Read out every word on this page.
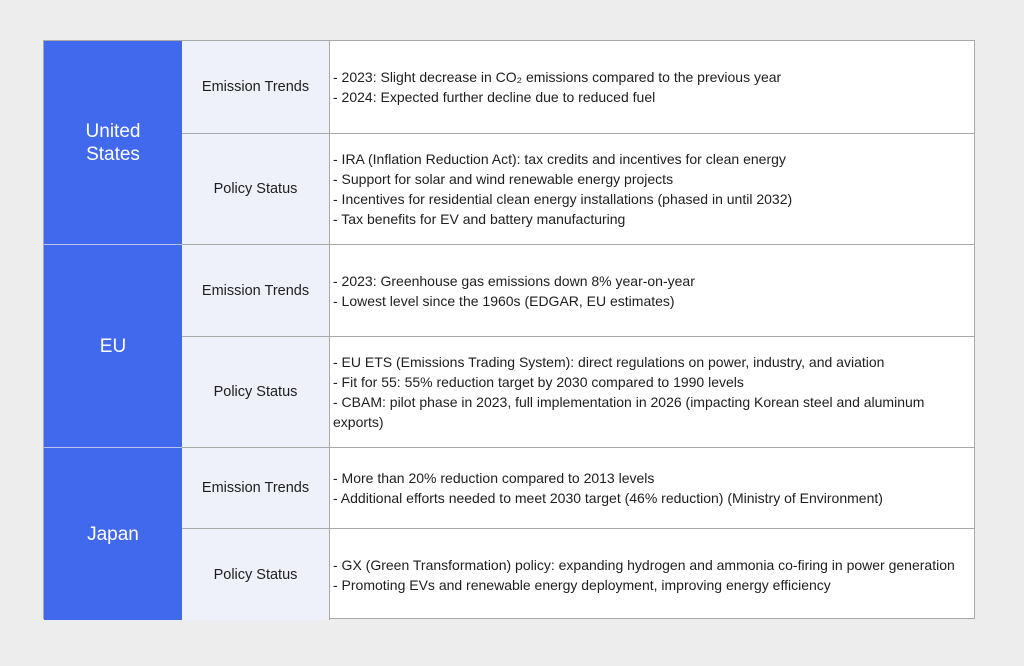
United States
Emission Trends
- 2023: Slight decrease in CO₂ emissions compared to the previous year
- 2024: Expected further decline due to reduced fuel
Policy Status
- IRA (Inflation Reduction Act): tax credits and incentives for clean energy
- Support for solar and wind renewable energy projects
- Incentives for residential clean energy installations (phased in until 2032)
- Tax benefits for EV and battery manufacturing
EU
Emission Trends
- 2023: Greenhouse gas emissions down 8% year-on-year
- Lowest level since the 1960s (EDGAR, EU estimates)
Policy Status
- EU ETS (Emissions Trading System): direct regulations on power, industry, and aviation
- Fit for 55: 55% reduction target by 2030 compared to 1990 levels
- CBAM: pilot phase in 2023, full implementation in 2026 (impacting Korean steel and aluminum exports)
Japan
Emission Trends
- More than 20% reduction compared to 2013 levels
- Additional efforts needed to meet 2030 target (46% reduction) (Ministry of Environment)
Policy Status
- GX (Green Transformation) policy: expanding hydrogen and ammonia co-firing in power generation
- Promoting EVs and renewable energy deployment, improving energy efficiency
